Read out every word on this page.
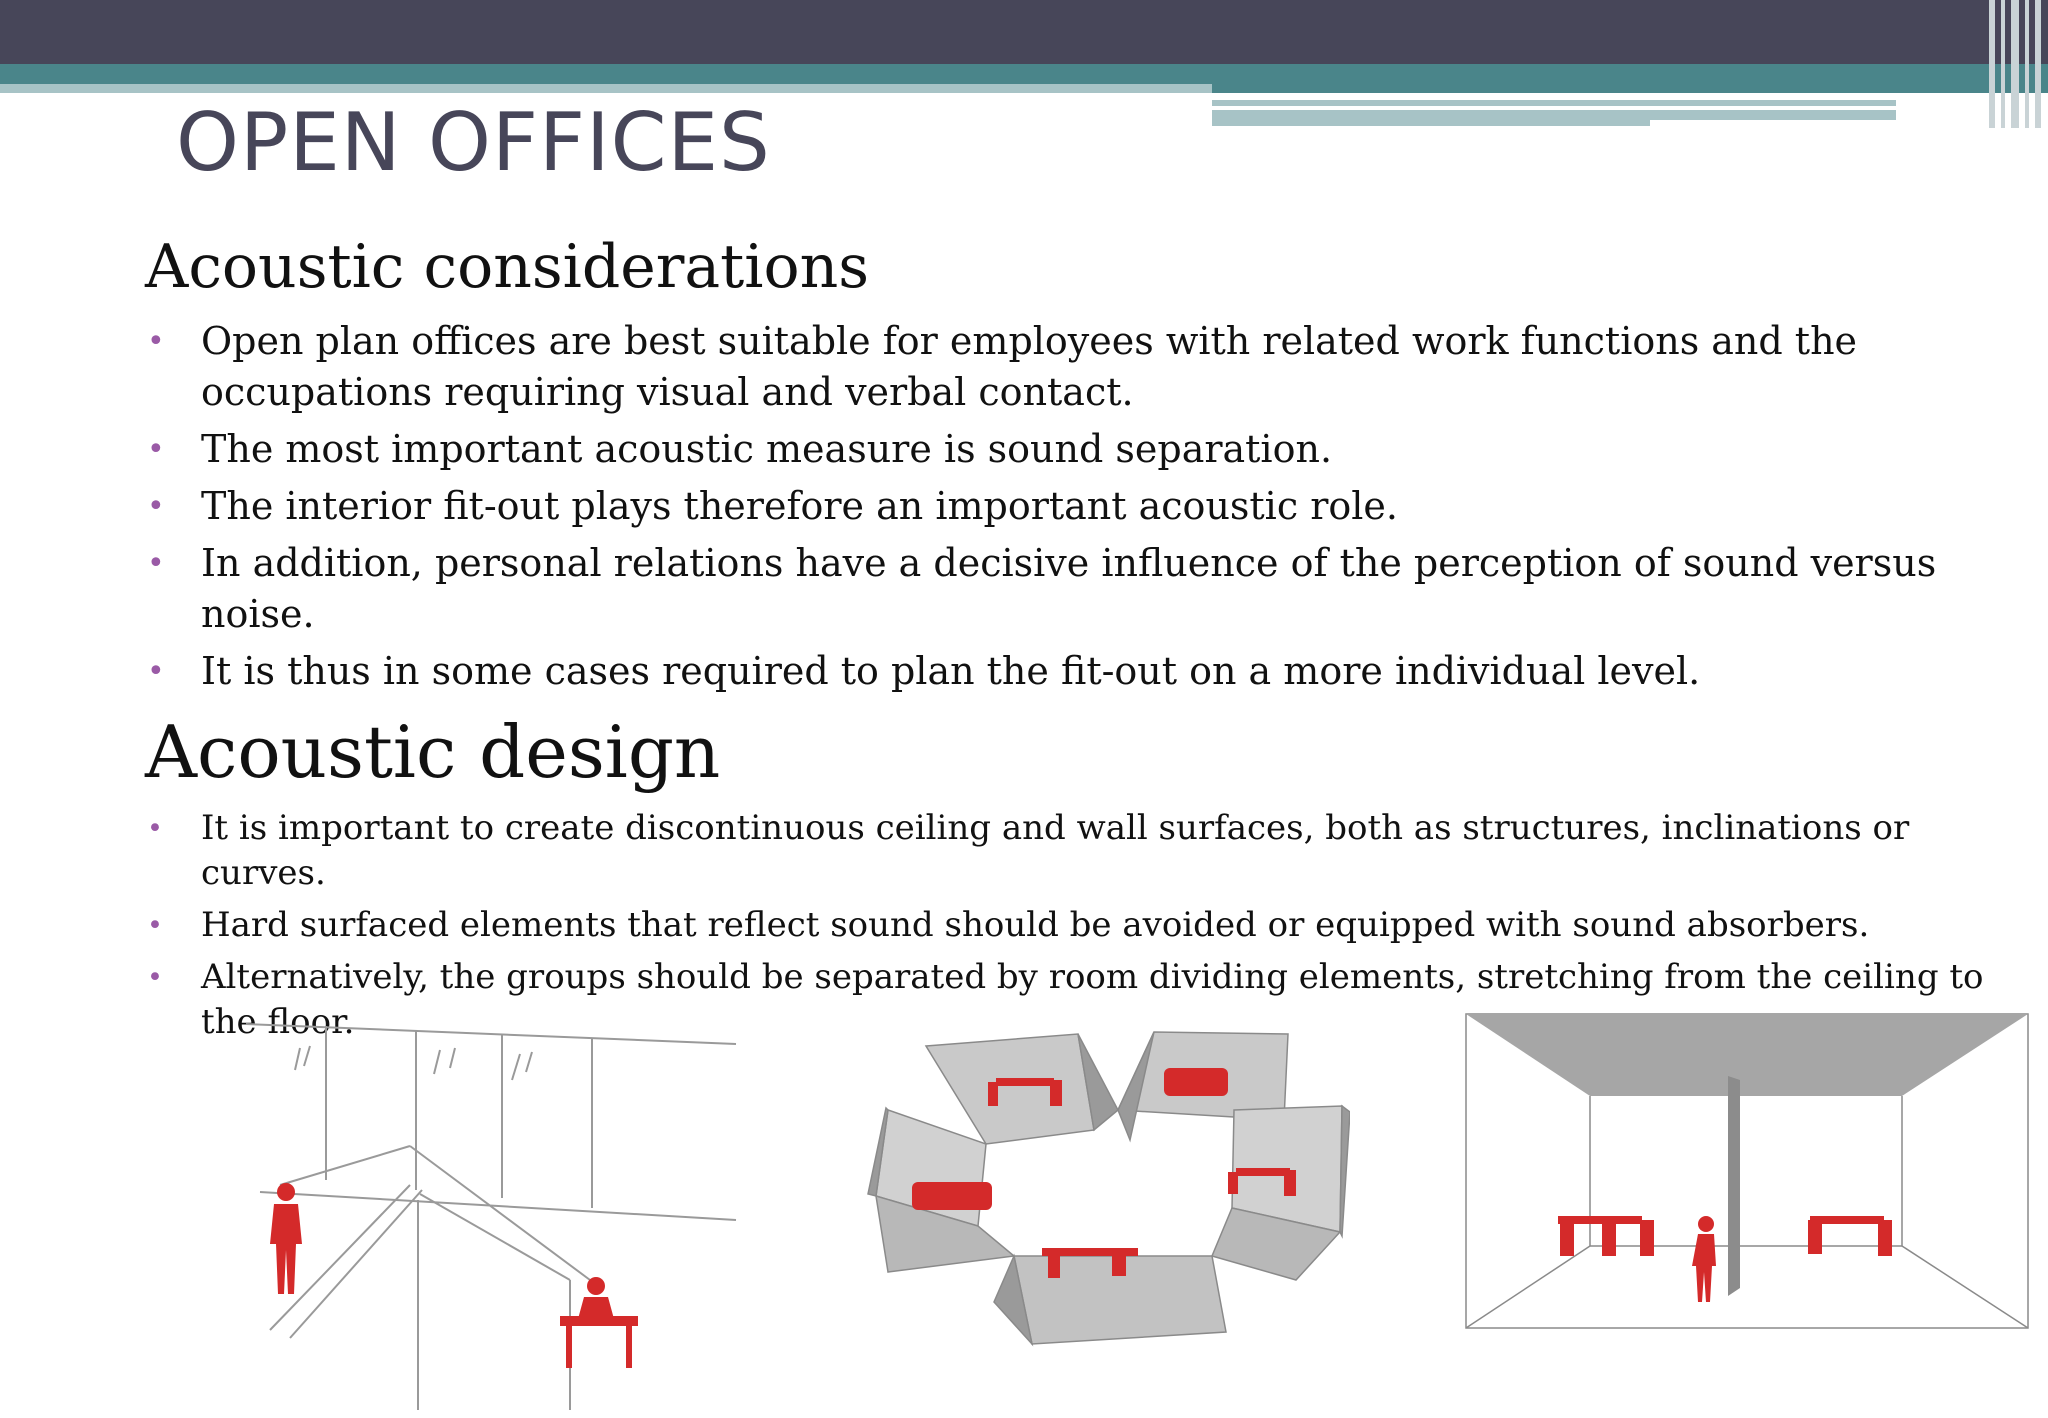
OPEN OFFICES
Acoustic considerations
• Open plan offices are best suitable for employees with related work functions and the occupations requiring visual and verbal contact.
• The most important acoustic measure is sound separation.
• The interior fit-out plays therefore an important acoustic role.
• In addition, personal relations have a decisive influence of the perception of sound versus noise.
• It is thus in some cases required to plan the fit-out on a more individual level.
Acoustic design
• It is important to create discontinuous ceiling and wall surfaces, both as structures, inclinations or curves.
• Hard surfaced elements that reflect sound should be avoided or equipped with sound absorbers.
• Alternatively, the groups should be separated by room dividing elements, stretching from the ceiling to the floor.
